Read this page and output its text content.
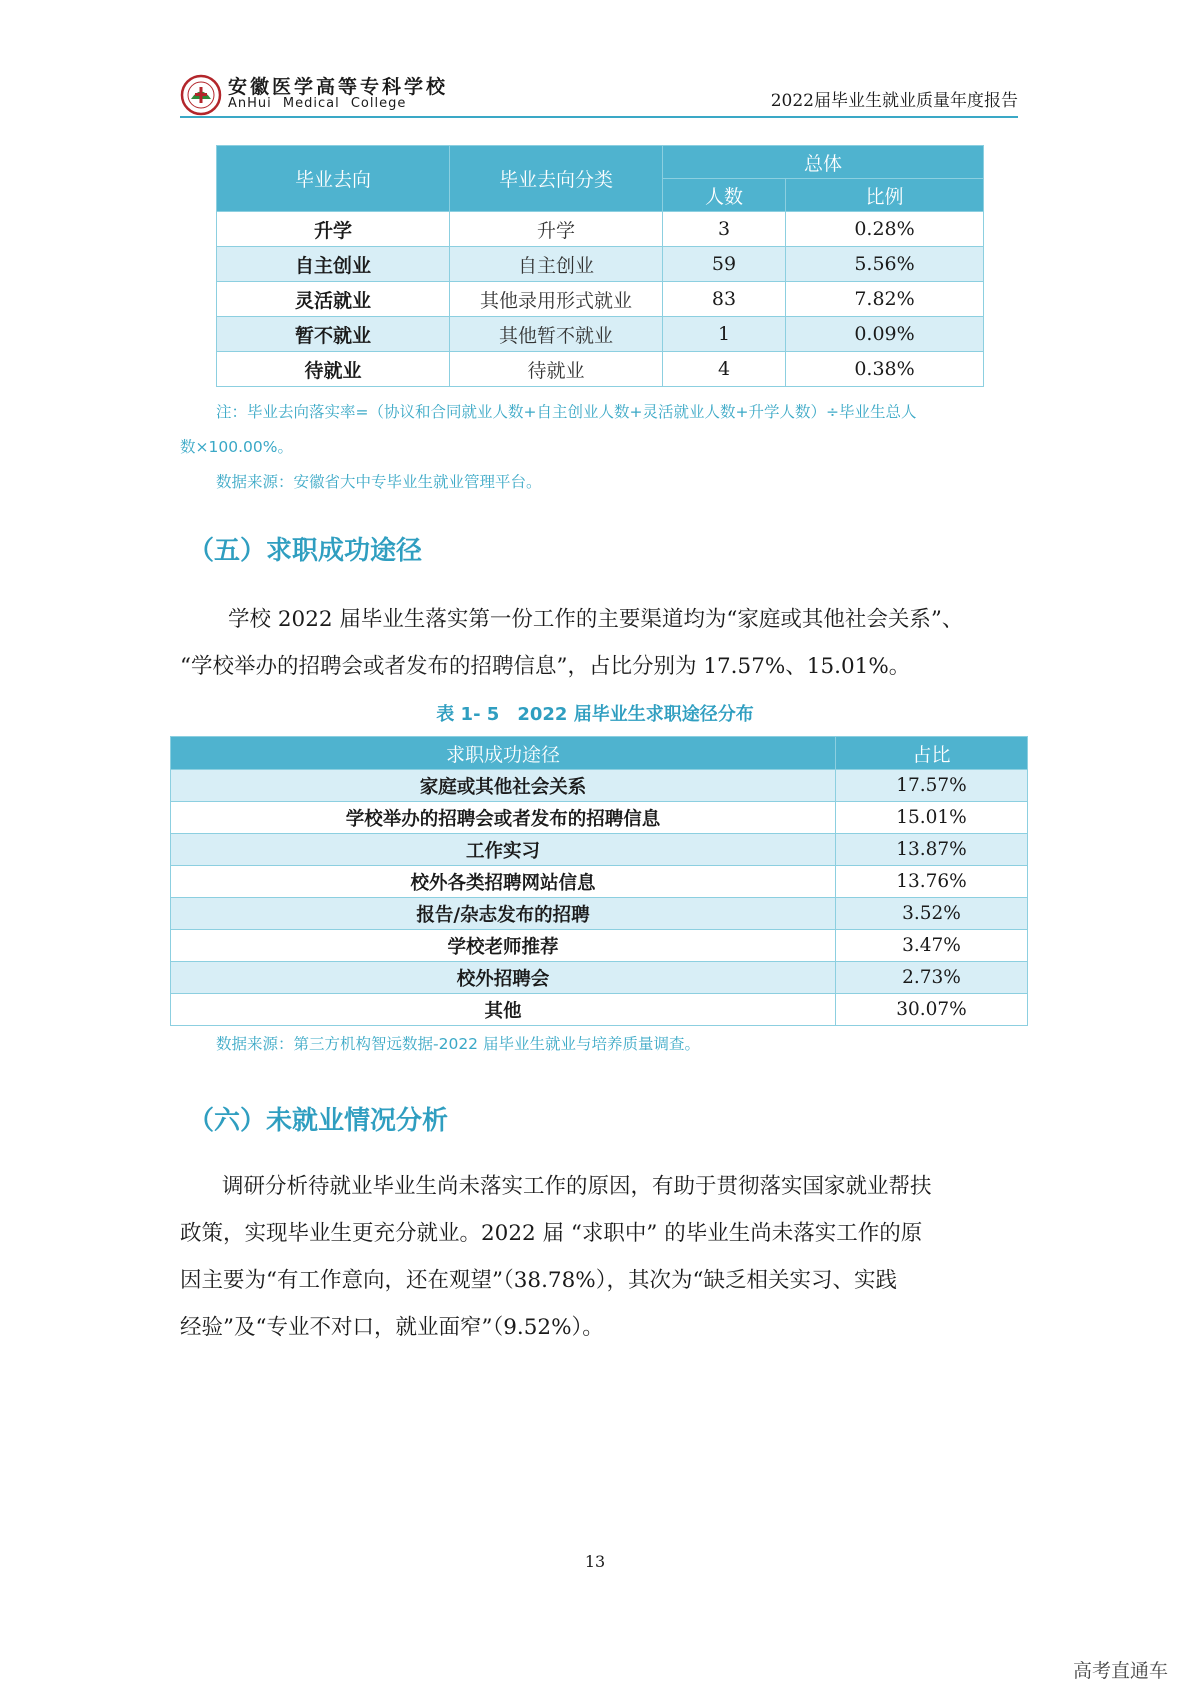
安徽医学高等专科学校
AnHui Medical College	2022届毕业生就业质量年度报告
毕业去向	毕业去向分类	总体	
		人数	比例
升学	升学	3	0.28%
自主创业	自主创业	59	5.56%
灵活就业	其他录用形式就业	83	7.82%
暂不就业	其他暂不就业	1	0.09%
待就业	待就业	4	0.38%
注：毕业去向落实率=（协议和合同就业人数+自主创业人数+灵活就业人数+升学人数）÷毕业生总人
数×100.00%。
数据来源：安徽省大中专毕业生就业管理平台。
（五）求职成功途径
学校 2022 届毕业生落实第一份工作的主要渠道均为“家庭或其他社会关系”、
“学校举办的招聘会或者发布的招聘信息”，占比分别为 17.57%、15.01%。
表 1- 5　2022 届毕业生求职途径分布
求职成功途径	占比
家庭或其他社会关系	17.57%
学校举办的招聘会或者发布的招聘信息	15.01%
工作实习	13.87%
校外各类招聘网站信息	13.76%
报告/杂志发布的招聘	3.52%
学校老师推荐	3.47%
校外招聘会	2.73%
其他	30.07%
数据来源：第三方机构智远数据-2022 届毕业生就业与培养质量调查。
（六）未就业情况分析
调研分析待就业毕业生尚未落实工作的原因，有助于贯彻落实国家就业帮扶
政策，实现毕业生更充分就业。2022 届 “求职中” 的毕业生尚未落实工作的原
因主要为“有工作意向，还在观望”（38.78%），其次为“缺乏相关实习、实践
经验”及“专业不对口，就业面窄”（9.52%）。
13
高考直通车
